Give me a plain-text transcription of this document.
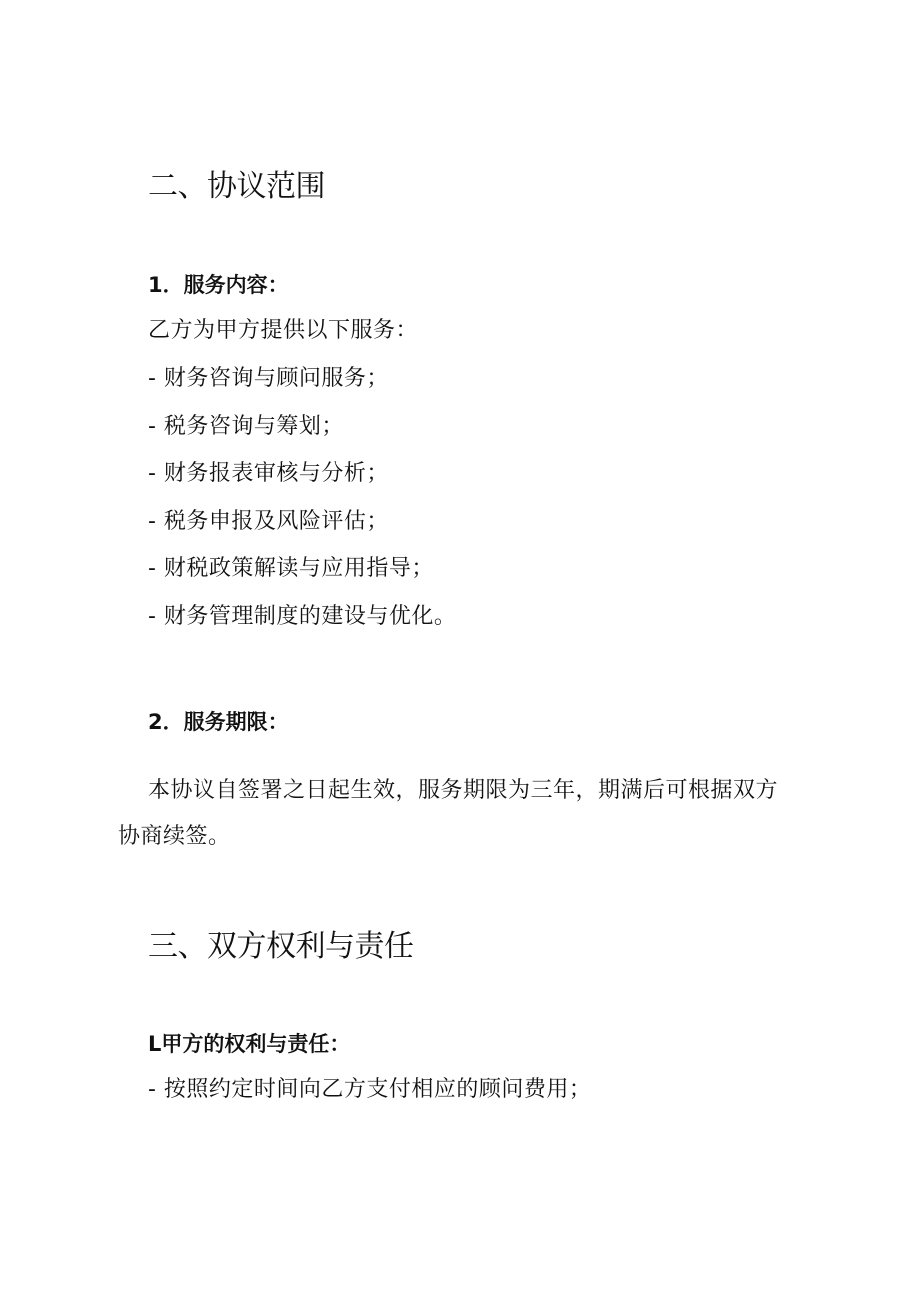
二、协议范围
1．服务内容：
乙方为甲方提供以下服务：
- 财务咨询与顾问服务；
- 税务咨询与筹划；
- 财务报表审核与分析；
- 税务申报及风险评估；
- 财税政策解读与应用指导；
- 财务管理制度的建设与优化。
2．服务期限：
本协议自签署之日起生效，服务期限为三年，期满后可根据双方
协商续签。
三、双方权利与责任
L甲方的权利与责任：
- 按照约定时间向乙方支付相应的顾问费用；
